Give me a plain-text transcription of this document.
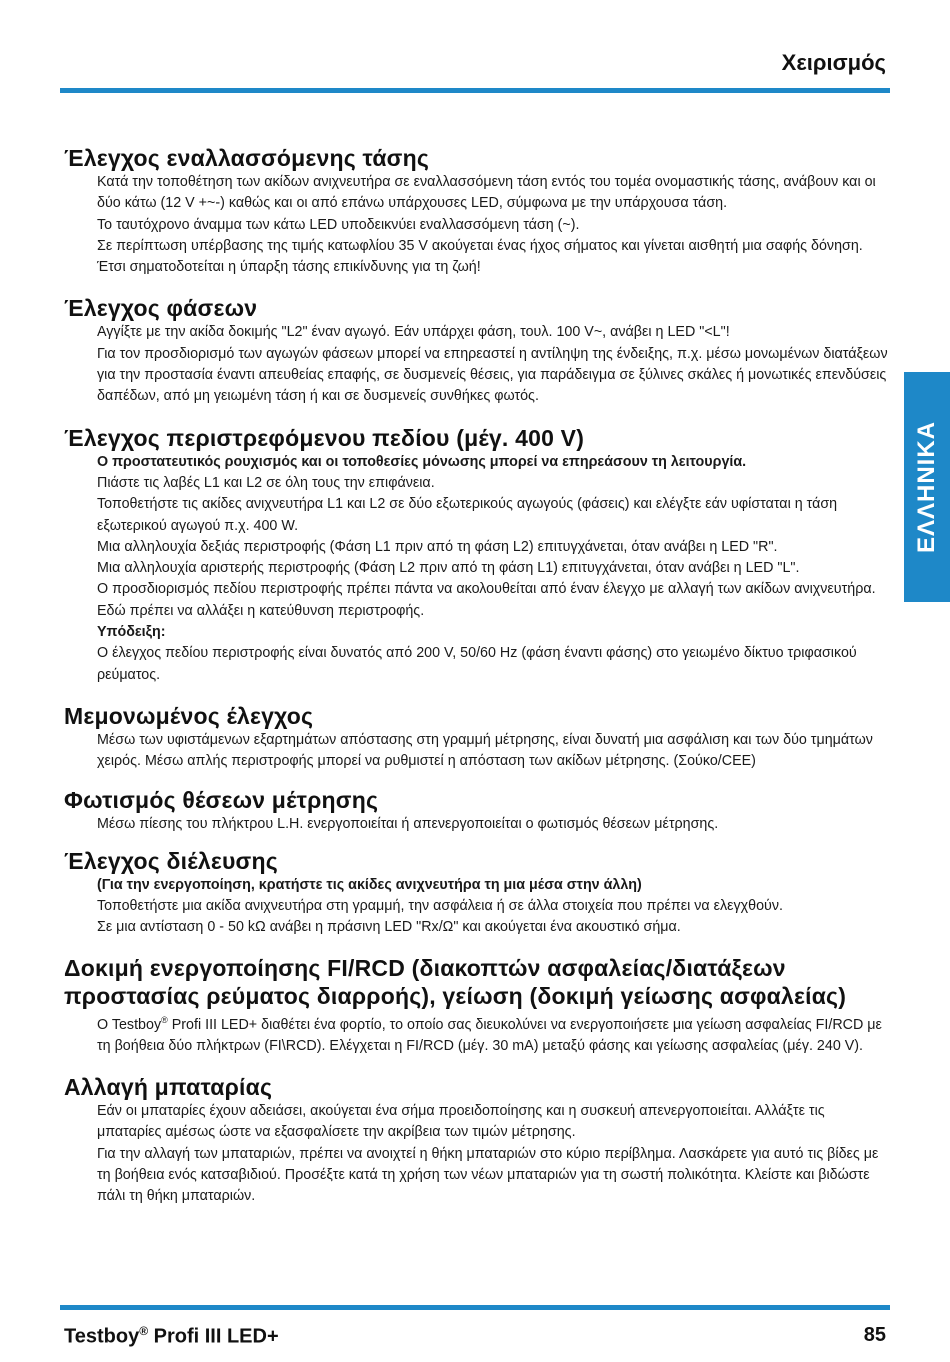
Χειρισμός
ΕΛΛΗΝΙΚΑ
Έλεγχος εναλλασσόμενης τάσης

Κατά την τοποθέτηση των ακίδων ανιχνευτήρα σε εναλλασσόμενη τάση εντός του τομέα ονομαστικής τάσης, ανάβουν και οι δύο κάτω (12 V +~-) καθώς και οι από επάνω υπάρχουσες LED, σύμφωνα με την υπάρχουσα τάση.

Το ταυτόχρονο άναμμα των κάτω LED υποδεικνύει εναλλασσόμενη τάση (~).

Σε περίπτωση υπέρβασης της τιμής κατωφλίου 35 V ακούγεται ένας ήχος σήματος και γίνεται αισθητή μια σαφής δόνηση. Έτσι σηματοδοτείται η ύπαρξη τάσης επικίνδυνης για τη ζωή!

Έλεγχος φάσεων

Αγγίξτε με την ακίδα δοκιμής "L2" έναν αγωγό. Εάν υπάρχει φάση, τουλ. 100 V~, ανάβει η LED "<L"!

Για τον προσδιορισμό των αγωγών φάσεων μπορεί να επηρεαστεί η αντίληψη της ένδειξης, π.χ. μέσω μονωμένων διατάξεων για την προστασία έναντι απευθείας επαφής, σε δυσμενείς θέσεις, για παράδειγμα σε ξύλινες σκάλες ή μονωτικές επενδύσεις δαπέδων, από μη γειωμένη τάση ή και σε δυσμενείς συνθήκες φωτός.

Έλεγχος περιστρεφόμενου πεδίου (μέγ. 400 V)

Ο προστατευτικός ρουχισμός και οι τοποθεσίες μόνωσης μπορεί να επηρεάσουν τη λειτουργία.

Πιάστε τις λαβές L1 και L2 σε όλη τους την επιφάνεια.

Τοποθετήστε τις ακίδες ανιχνευτήρα L1 και L2 σε δύο εξωτερικούς αγωγούς (φάσεις) και ελέγξτε εάν υφίσταται η τάση εξωτερικού αγωγού π.χ. 400 W.

Μια αλληλουχία δεξιάς περιστροφής (Φάση L1 πριν από τη φάση L2) επιτυγχάνεται, όταν ανάβει η LED "R".

Μια αλληλουχία αριστερής περιστροφής (Φάση L2 πριν από τη φάση L1) επιτυγχάνεται, όταν ανάβει η LED "L".

Ο προσδιορισμός πεδίου περιστροφής πρέπει πάντα να ακολουθείται από έναν έλεγχο με αλλαγή των ακίδων ανιχνευτήρα. Εδώ πρέπει να αλλάξει η κατεύθυνση περιστροφής.

Υπόδειξη:

Ο έλεγχος πεδίου περιστροφής είναι δυνατός από 200 V, 50/60 Hz (φάση έναντι φάσης) στο γειωμένο δίκτυο τριφασικού ρεύματος.

Μεμονωμένος έλεγχος

Μέσω των υφιστάμενων εξαρτημάτων απόστασης στη γραμμή μέτρησης, είναι δυνατή μια ασφάλιση και των δύο τμημάτων χειρός. Μέσω απλής περιστροφής μπορεί να ρυθμιστεί η απόσταση των ακίδων μέτρησης. (Σούκο/CEE)

Φωτισμός θέσεων μέτρησης

Μέσω πίεσης του πλήκτρου L.H. ενεργοποιείται ή απενεργοποιείται ο φωτισμός θέσεων μέτρησης.

Έλεγχος διέλευσης

(Για την ενεργοποίηση, κρατήστε τις ακίδες ανιχνευτήρα τη μια μέσα στην άλλη)

Τοποθετήστε μια ακίδα ανιχνευτήρα στη γραμμή, την ασφάλεια ή σε άλλα στοιχεία που πρέπει να ελεγχθούν.

Σε μια αντίσταση 0 - 50 kΩ ανάβει η πράσινη LED "Rx/Ω" και ακούγεται ένα ακουστικό σήμα.

Δοκιμή ενεργοποίησης FI/RCD (διακοπτών ασφαλείας/διατάξεων προστασίας ρεύματος διαρροής), γείωση (δοκιμή γείωσης ασφαλείας)

O Testboy® Profi III LED+ διαθέτει ένα φορτίο, το οποίο σας διευκολύνει να ενεργοποιήσετε μια γείωση ασφαλείας FI/RCD με τη βοήθεια δύο πλήκτρων (FI\RCD). Ελέγχεται η FI/RCD (μέγ. 30 mA) μεταξύ φάσης και γείωσης ασφαλείας (μέγ. 240 V).

Αλλαγή μπαταρίας

Εάν οι μπαταρίες έχουν αδειάσει, ακούγεται ένα σήμα προειδοποίησης και η συσκευή απενεργοποιείται. Αλλάξτε τις μπαταρίες αμέσως ώστε να εξασφαλίσετε την ακρίβεια των τιμών μέτρησης.

Για την αλλαγή των μπαταριών, πρέπει να ανοιχτεί η θήκη μπαταριών στο κύριο περίβλημα. Λασκάρετε για αυτό τις βίδες με τη βοήθεια ενός κατσαβιδιού. Προσέξτε κατά τη χρήση των νέων μπαταριών για τη σωστή πολικότητα. Κλείστε και βιδώστε πάλι τη θήκη μπαταριών.

Testboy® Profi III LED+	85
